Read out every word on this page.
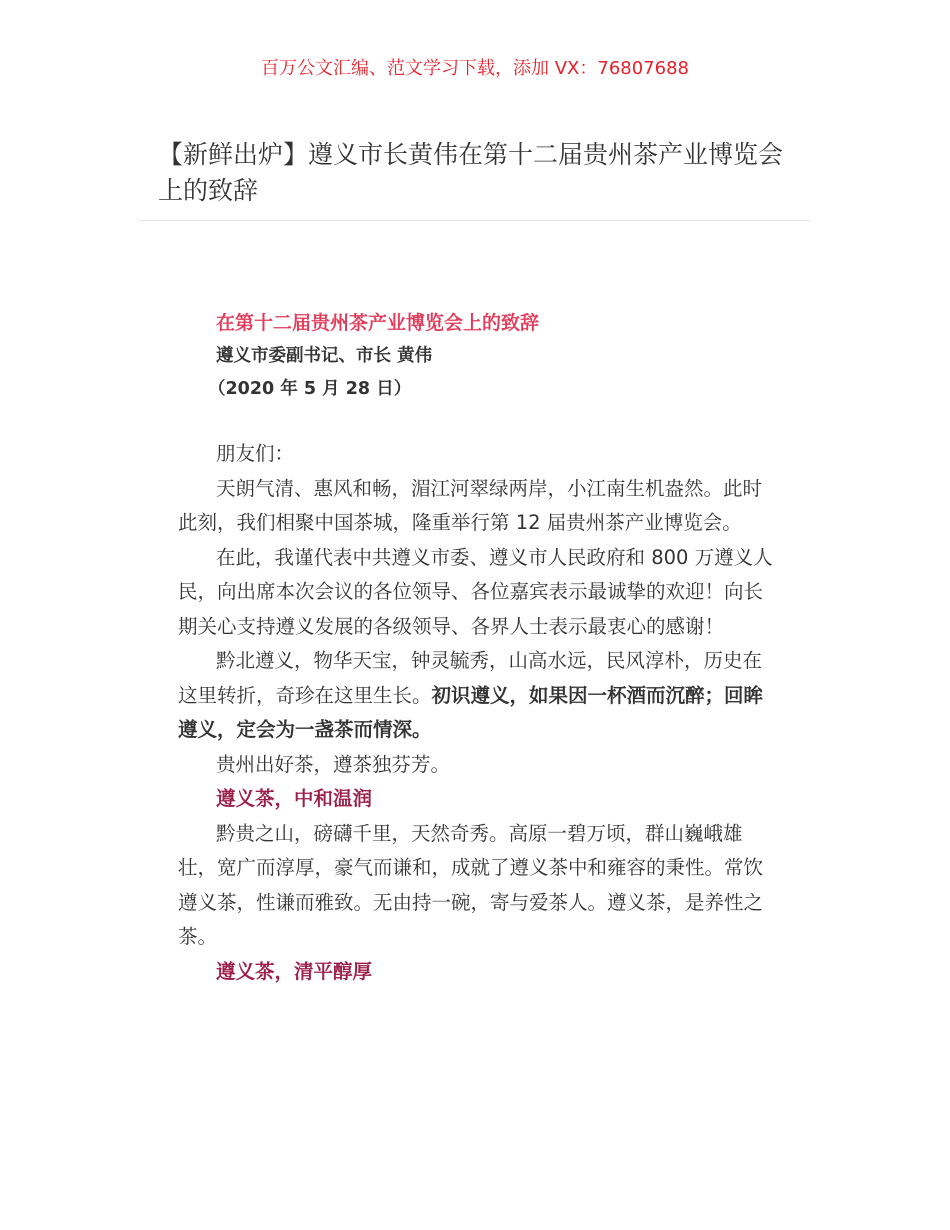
百万公文汇编、范文学习下载，添加 VX：76807688
【新鲜出炉】遵义市长黄伟在第十二届贵州茶产业博览会上的致辞

在第十二届贵州茶产业博览会上的致辞

遵义市委副书记、市长 黄伟

（2020 年 5 月 28 日）

朋友们：

天朗气清、惠风和畅，湄江河翠绿两岸，小江南生机盎然。此时此刻，我们相聚中国茶城，隆重举行第 12 届贵州茶产业博览会。

在此，我谨代表中共遵义市委、遵义市人民政府和 800 万遵义人民，向出席本次会议的各位领导、各位嘉宾表示最诚挚的欢迎！向长期关心支持遵义发展的各级领导、各界人士表示最衷心的感谢！

黔北遵义，物华天宝，钟灵毓秀，山高水远，民风淳朴，历史在这里转折，奇珍在这里生长。初识遵义，如果因一杯酒而沉醉；回眸遵义，定会为一盏茶而情深。

贵州出好茶，遵茶独芬芳。

遵义茶，中和温润

黔贵之山，磅礴千里，天然奇秀。高原一碧万顷，群山巍峨雄壮，宽广而淳厚，豪气而谦和，成就了遵义茶中和雍容的秉性。常饮遵义茶，性谦而雅致。无由持一碗，寄与爱茶人。遵义茶，是养性之茶。

遵义茶，清平醇厚
